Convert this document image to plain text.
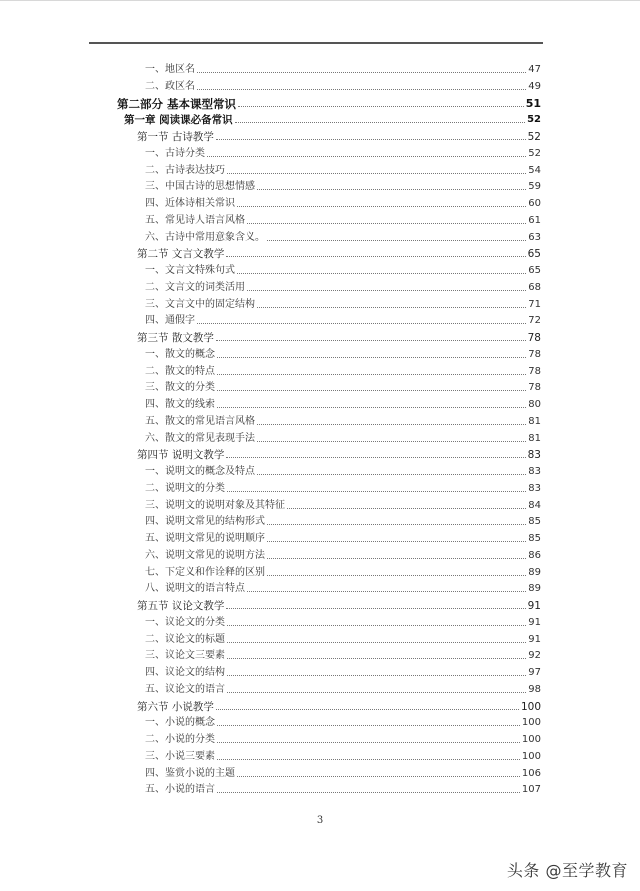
一、地区名	47
二、政区名	49
第二部分 基本课型常识	51
第一章 阅读课必备常识	52
第一节 古诗教学	52
一、古诗分类	52
二、古诗表达技巧	54
三、中国古诗的思想情感	59
四、近体诗相关常识	60
五、常见诗人语言风格	61
六、古诗中常用意象含义。	63
第二节 文言文教学	65
一、文言文特殊句式	65
二、文言文的词类活用	68
三、文言文中的固定结构	71
四、通假字	72
第三节 散文教学	78
一、散文的概念	78
二、散文的特点	78
三、散文的分类	78
四、散文的线索	80
五、散文的常见语言风格	81
六、散文的常见表现手法	81
第四节 说明文教学	83
一、说明文的概念及特点	83
二、说明文的分类	83
三、说明文的说明对象及其特征	84
四、说明文常见的结构形式	85
五、说明文常见的说明顺序	85
六、说明文常见的说明方法	86
七、下定义和作诠释的区别	89
八、说明文的语言特点	89
第五节 议论文教学	91
一、议论文的分类	91
二、议论文的标题	91
三、议论文三要素	92
四、议论文的结构	97
五、议论文的语言	98
第六节 小说教学	100
一、小说的概念	100
二、小说的分类	100
三、小说三要素	100
四、鉴赏小说的主题	106
五、小说的语言	107
3
头条 @至学教育
